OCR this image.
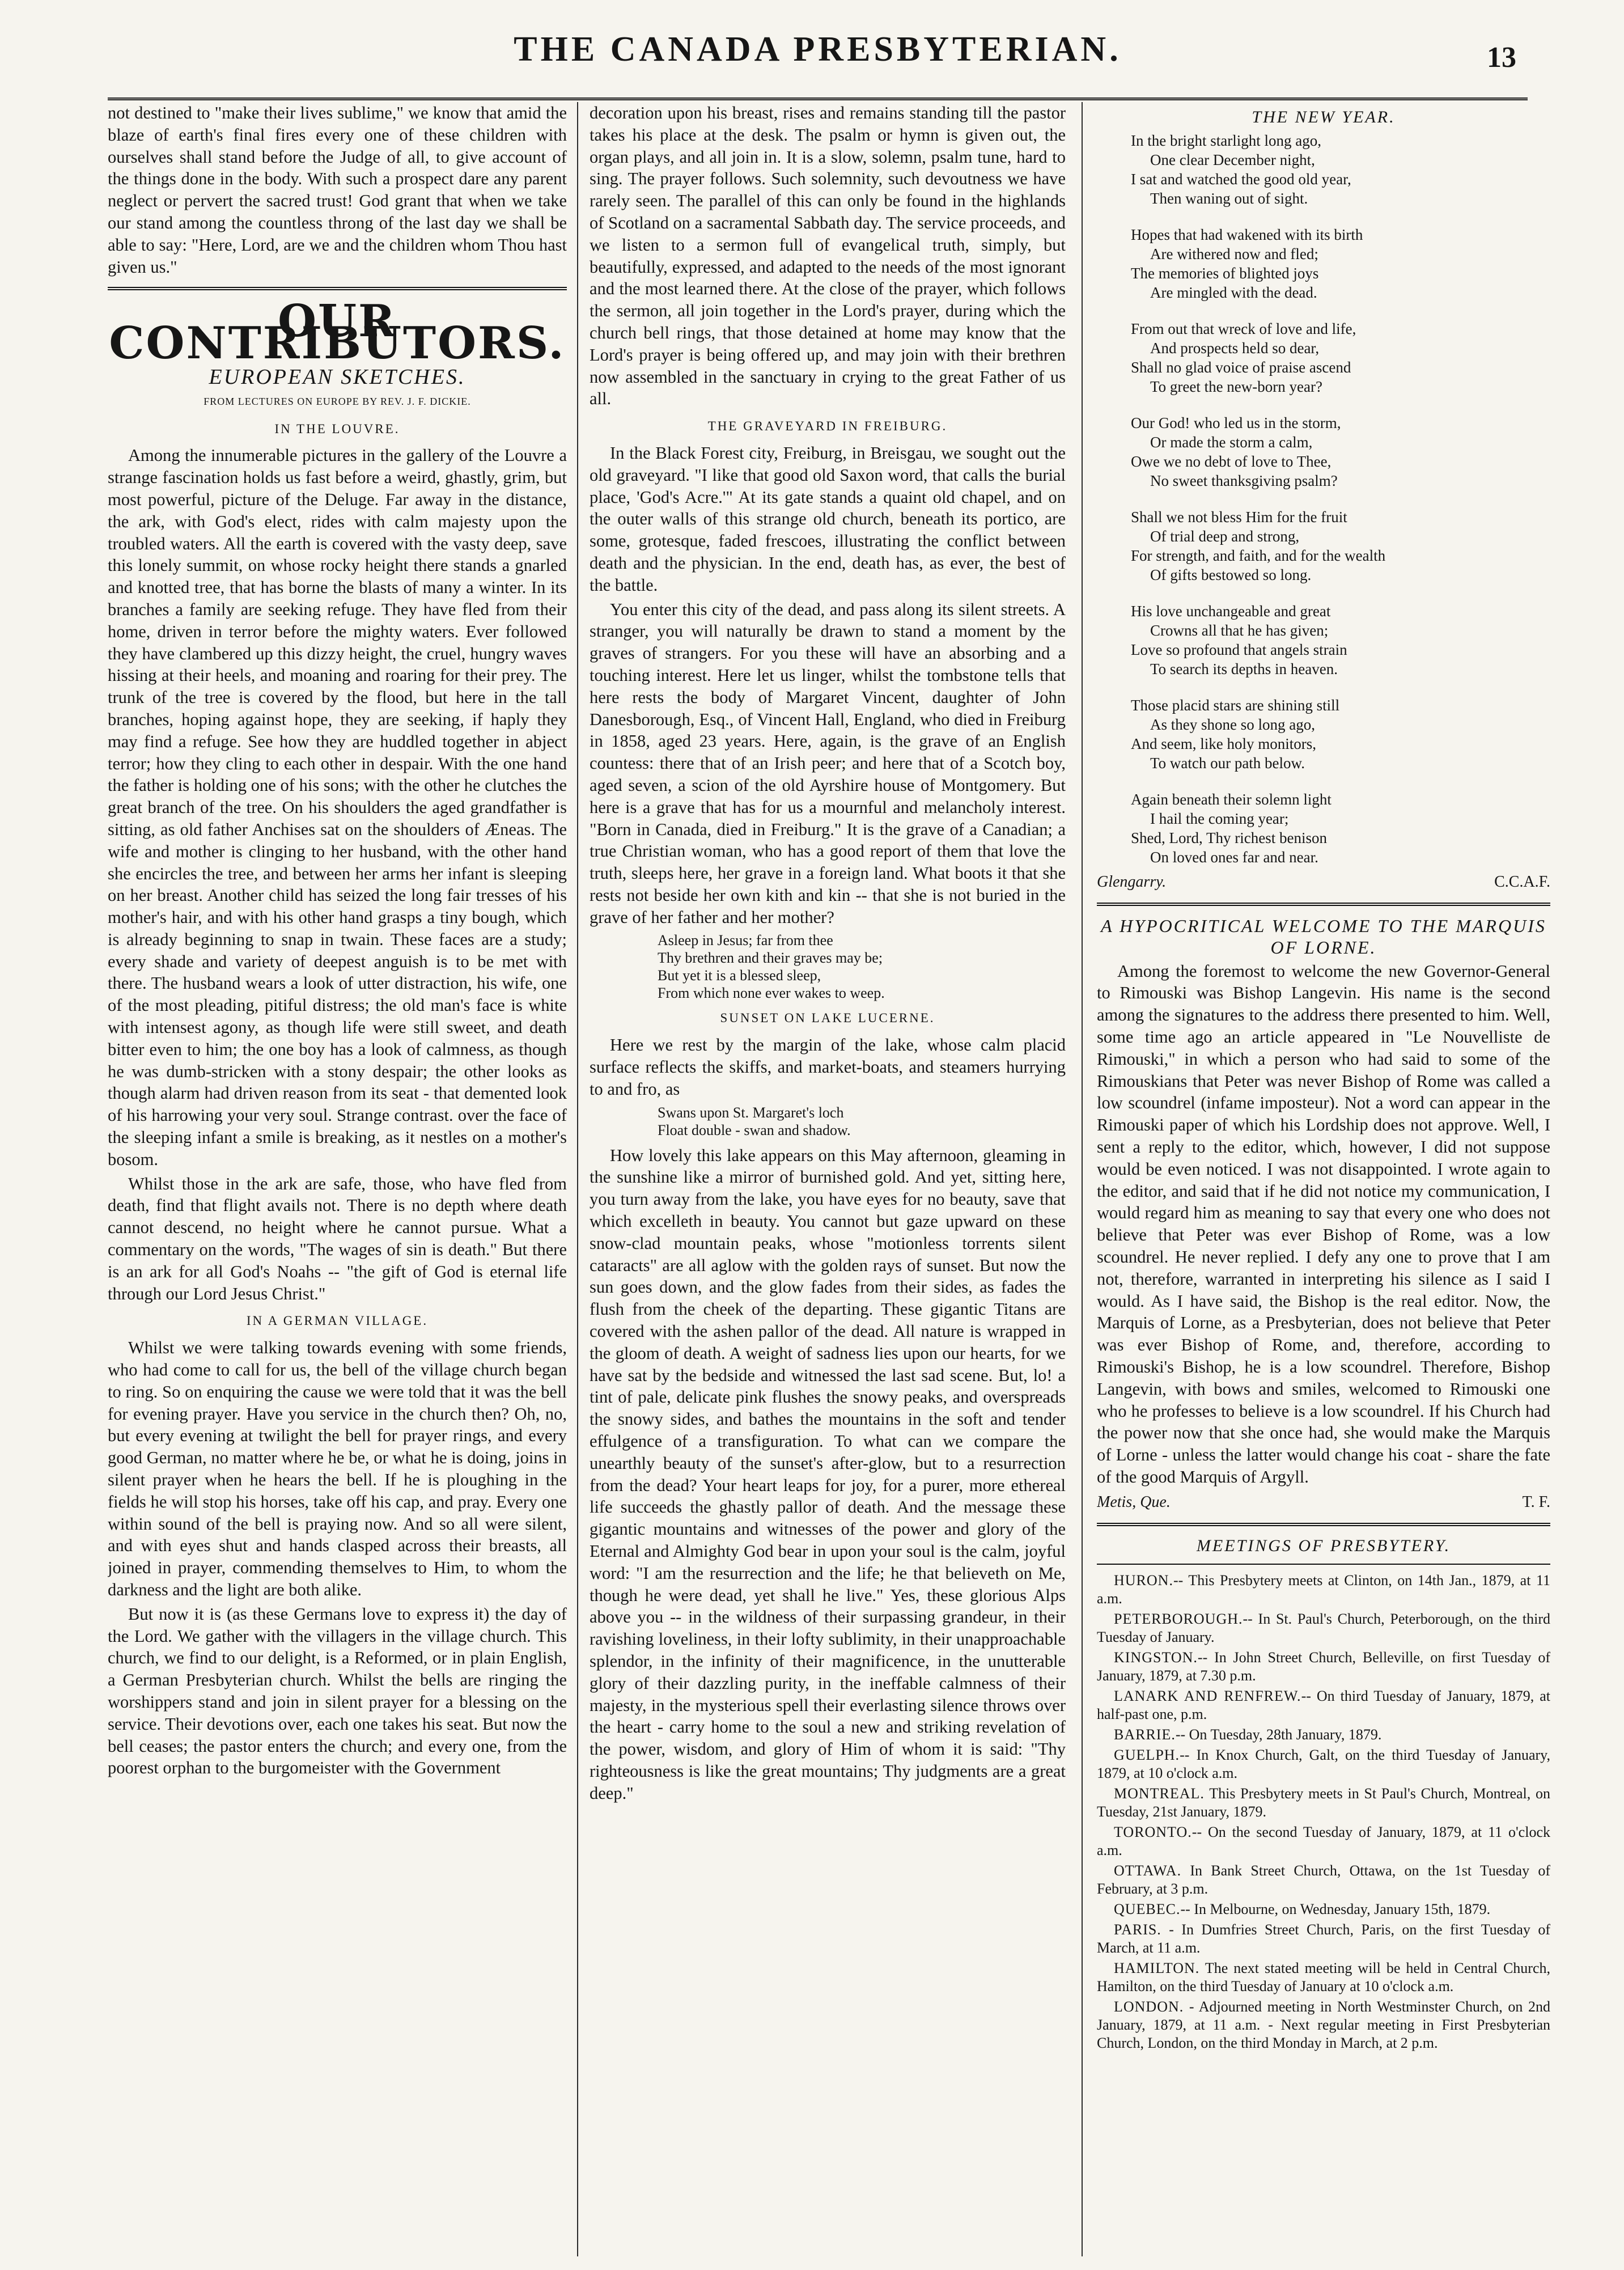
THE CANADA PRESBYTERIAN.	13

not destined to "make their lives sublime," we know that amid the blaze of earth's final fires every one of these children with ourselves shall stand before the Judge of all, to give account of the things done in the body. With such a prospect dare any parent neglect or pervert the sacred trust! God grant that when we take our stand among the countless throng of the last day we shall be able to say: "Here, Lord, are we and the children whom Thou hast given us."

OUR CONTRIBUTORS.
EUROPEAN SKETCHES.
FROM LECTURES ON EUROPE BY REV. J. F. DICKIE.
IN THE LOUVRE.

Among the innumerable pictures in the gallery of the Louvre a strange fascination holds us fast before a weird, ghastly, grim, but most powerful, picture of the Deluge. Far away in the distance, the ark, with God's elect, rides with calm majesty upon the troubled waters. All the earth is covered with the vasty deep, save this lonely summit, on whose rocky height there stands a gnarled and knotted tree, that has borne the blasts of many a winter. In its branches a family are seeking refuge. They have fled from their home, driven in terror before the mighty waters. Ever followed they have clambered up this dizzy height, the cruel, hungry waves hissing at their heels, and moaning and roaring for their prey. The trunk of the tree is covered by the flood, but here in the tall branches, hoping against hope, they are seeking, if haply they may find a refuge. See how they are huddled together in abject terror; how they cling to each other in despair. With the one hand the father is holding one of his sons; with the other he clutches the great branch of the tree. On his shoulders the aged grandfather is sitting, as old father Anchises sat on the shoulders of Æneas. The wife and mother is clinging to her husband, with the other hand she encircles the tree, and between her arms her infant is sleeping on her breast. Another child has seized the long fair tresses of his mother's hair, and with his other hand grasps a tiny bough, which is already beginning to snap in twain. These faces are a study; every shade and variety of deepest anguish is to be met with there. The husband wears a look of utter distraction, his wife, one of the most pleading, pitiful distress; the old man's face is white with intensest agony, as though life were still sweet, and death bitter even to him; the one boy has a look of calmness, as though he was dumb-stricken with a stony despair; the other looks as though alarm had driven reason from its seat - that demented look of his harrowing your very soul. Strange contrast. over the face of the sleeping infant a smile is breaking, as it nestles on a mother's bosom.

Whilst those in the ark are safe, those, who have fled from death, find that flight avails not. There is no depth where death cannot descend, no height where he cannot pursue. What a commentary on the words, "The wages of sin is death." But there is an ark for all God's Noahs -- "the gift of God is eternal life through our Lord Jesus Christ."

IN A GERMAN VILLAGE.

Whilst we were talking towards evening with some friends, who had come to call for us, the bell of the village church began to ring. So on enquiring the cause we were told that it was the bell for evening prayer. Have you service in the church then? Oh, no, but every evening at twilight the bell for prayer rings, and every good German, no matter where he be, or what he is doing, joins in silent prayer when he hears the bell. If he is ploughing in the fields he will stop his horses, take off his cap, and pray. Every one within sound of the bell is praying now. And so all were silent, and with eyes shut and hands clasped across their breasts, all joined in prayer, commending themselves to Him, to whom the darkness and the light are both alike.

But now it is (as these Germans love to express it) the day of the Lord. We gather with the villagers in the village church. This church, we find to our delight, is a Reformed, or in plain English, a German Presbyterian church. Whilst the bells are ringing the worshippers stand and join in silent prayer for a blessing on the service. Their devotions over, each one takes his seat. But now the bell ceases; the pastor enters the church; and every one, from the poorest orphan to the burgomeister with the Government

decoration upon his breast, rises and remains standing till the pastor takes his place at the desk. The psalm or hymn is given out, the organ plays, and all join in. It is a slow, solemn, psalm tune, hard to sing. The prayer follows. Such solemnity, such devoutness we have rarely seen. The parallel of this can only be found in the highlands of Scotland on a sacramental Sabbath day. The service proceeds, and we listen to a sermon full of evangelical truth, simply, but beautifully, expressed, and adapted to the needs of the most ignorant and the most learned there. At the close of the prayer, which follows the sermon, all join together in the Lord's prayer, during which the church bell rings, that those detained at home may know that the Lord's prayer is being offered up, and may join with their brethren now assembled in the sanctuary in crying to the great Father of us all.

THE GRAVEYARD IN FREIBURG.

In the Black Forest city, Freiburg, in Breisgau, we sought out the old graveyard. "I like that good old Saxon word, that calls the burial place, 'God's Acre.'" At its gate stands a quaint old chapel, and on the outer walls of this strange old church, beneath its portico, are some, grotesque, faded frescoes, illustrating the conflict between death and the physician. In the end, death has, as ever, the best of the battle.

You enter this city of the dead, and pass along its silent streets. A stranger, you will naturally be drawn to stand a moment by the graves of strangers. For you these will have an absorbing and a touching interest. Here let us linger, whilst the tombstone tells that here rests the body of Margaret Vincent, daughter of John Danesborough, Esq., of Vincent Hall, England, who died in Freiburg in 1858, aged 23 years. Here, again, is the grave of an English countess: there that of an Irish peer; and here that of a Scotch boy, aged seven, a scion of the old Ayrshire house of Montgomery. But here is a grave that has for us a mournful and melancholy interest. "Born in Canada, died in Freiburg." It is the grave of a Canadian; a true Christian woman, who has a good report of them that love the truth, sleeps here, her grave in a foreign land. What boots it that she rests not beside her own kith and kin -- that she is not buried in the grave of her father and her mother?

Asleep in Jesus; far from thee
Thy brethren and their graves may be;
But yet it is a blessed sleep,
From which none ever wakes to weep.
SUNSET ON LAKE LUCERNE.

Here we rest by the margin of the lake, whose calm placid surface reflects the skiffs, and market-boats, and steamers hurrying to and fro, as

Swans upon St. Margaret's loch
Float double - swan and shadow.

How lovely this lake appears on this May afternoon, gleaming in the sunshine like a mirror of burnished gold. And yet, sitting here, you turn away from the lake, you have eyes for no beauty, save that which excelleth in beauty. You cannot but gaze upward on these snow-clad mountain peaks, whose "motionless torrents silent cataracts" are all aglow with the golden rays of sunset. But now the sun goes down, and the glow fades from their sides, as fades the flush from the cheek of the departing. These gigantic Titans are covered with the ashen pallor of the dead. All nature is wrapped in the gloom of death. A weight of sadness lies upon our hearts, for we have sat by the bedside and witnessed the last sad scene. But, lo! a tint of pale, delicate pink flushes the snowy peaks, and overspreads the snowy sides, and bathes the mountains in the soft and tender effulgence of a transfiguration. To what can we compare the unearthly beauty of the sunset's after-glow, but to a resurrection from the dead? Your heart leaps for joy, for a purer, more ethereal life succeeds the ghastly pallor of death. And the message these gigantic mountains and witnesses of the power and glory of the Eternal and Almighty God bear in upon your soul is the calm, joyful word: "I am the resurrection and the life; he that believeth on Me, though he were dead, yet shall he live." Yes, these glorious Alps above you -- in the wildness of their surpassing grandeur, in their ravishing loveliness, in their lofty sublimity, in their unapproachable splendor, in the infinity of their magnificence, in the unutterable glory of their dazzling purity, in the ineffable calmness of their majesty, in the mysterious spell their everlasting silence throws over the heart - carry home to the soul a new and striking revelation of the power, wisdom, and glory of Him of whom it is said: "Thy righteousness is like the great mountains; Thy judgments are a great deep."

THE NEW YEAR.
In the bright starlight long ago,
One clear December night,
I sat and watched the good old year,
Then waning out of sight.
Hopes that had wakened with its birth
Are withered now and fled;
The memories of blighted joys
Are mingled with the dead.
From out that wreck of love and life,
And prospects held so dear,
Shall no glad voice of praise ascend
To greet the new-born year?
Our God! who led us in the storm,
Or made the storm a calm,
Owe we no debt of love to Thee,
No sweet thanksgiving psalm?
Shall we not bless Him for the fruit
Of trial deep and strong,
For strength, and faith, and for the wealth
Of gifts bestowed so long.
His love unchangeable and great
Crowns all that he has given;
Love so profound that angels strain
To search its depths in heaven.
Those placid stars are shining still
As they shone so long ago,
And seem, like holy monitors,
To watch our path below.
Again beneath their solemn light
I hail the coming year;
Shed, Lord, Thy richest benison
On loved ones far and near.
Glengarry.	C.C.A.F.
A HYPOCRITICAL WELCOME TO THE MARQUIS OF LORNE.

Among the foremost to welcome the new Governor-General to Rimouski was Bishop Langevin. His name is the second among the signatures to the address there presented to him. Well, some time ago an article appeared in "Le Nouvelliste de Rimouski," in which a person who had said to some of the Rimouskians that Peter was never Bishop of Rome was called a low scoundrel (infame imposteur). Not a word can appear in the Rimouski paper of which his Lordship does not approve. Well, I sent a reply to the editor, which, however, I did not suppose would be even noticed. I was not disappointed. I wrote again to the editor, and said that if he did not notice my communication, I would regard him as meaning to say that every one who does not believe that Peter was ever Bishop of Rome, was a low scoundrel. He never replied. I defy any one to prove that I am not, therefore, warranted in interpreting his silence as I said I would. As I have said, the Bishop is the real editor. Now, the Marquis of Lorne, as a Presbyterian, does not believe that Peter was ever Bishop of Rome, and, therefore, according to Rimouski's Bishop, he is a low scoundrel. Therefore, Bishop Langevin, with bows and smiles, welcomed to Rimouski one who he professes to believe is a low scoundrel. If his Church had the power now that she once had, she would make the Marquis of Lorne - unless the latter would change his coat - share the fate of the good Marquis of Argyll.

Metis, Que.	T. F.
MEETINGS OF PRESBYTERY.

HURON.-- This Presbytery meets at Clinton, on 14th Jan., 1879, at 11 a.m.

PETERBOROUGH.-- In St. Paul's Church, Peterborough, on the third Tuesday of January.

KINGSTON.-- In John Street Church, Belleville, on first Tuesday of January, 1879, at 7.30 p.m.

LANARK AND RENFREW.-- On third Tuesday of January, 1879, at half-past one, p.m.

BARRIE.-- On Tuesday, 28th January, 1879.

GUELPH.-- In Knox Church, Galt, on the third Tuesday of January, 1879, at 10 o'clock a.m.

MONTREAL. This Presbytery meets in St Paul's Church, Montreal, on Tuesday, 21st January, 1879.

TORONTO.-- On the second Tuesday of January, 1879, at 11 o'clock a.m.

OTTAWA. In Bank Street Church, Ottawa, on the 1st Tuesday of February, at 3 p.m.

QUEBEC.-- In Melbourne, on Wednesday, January 15th, 1879.

PARIS. - In Dumfries Street Church, Paris, on the first Tuesday of March, at 11 a.m.

HAMILTON. The next stated meeting will be held in Central Church, Hamilton, on the third Tuesday of January at 10 o'clock a.m.

LONDON. - Adjourned meeting in North Westminster Church, on 2nd January, 1879, at 11 a.m. - Next regular meeting in First Presbyterian Church, London, on the third Monday in March, at 2 p.m.
